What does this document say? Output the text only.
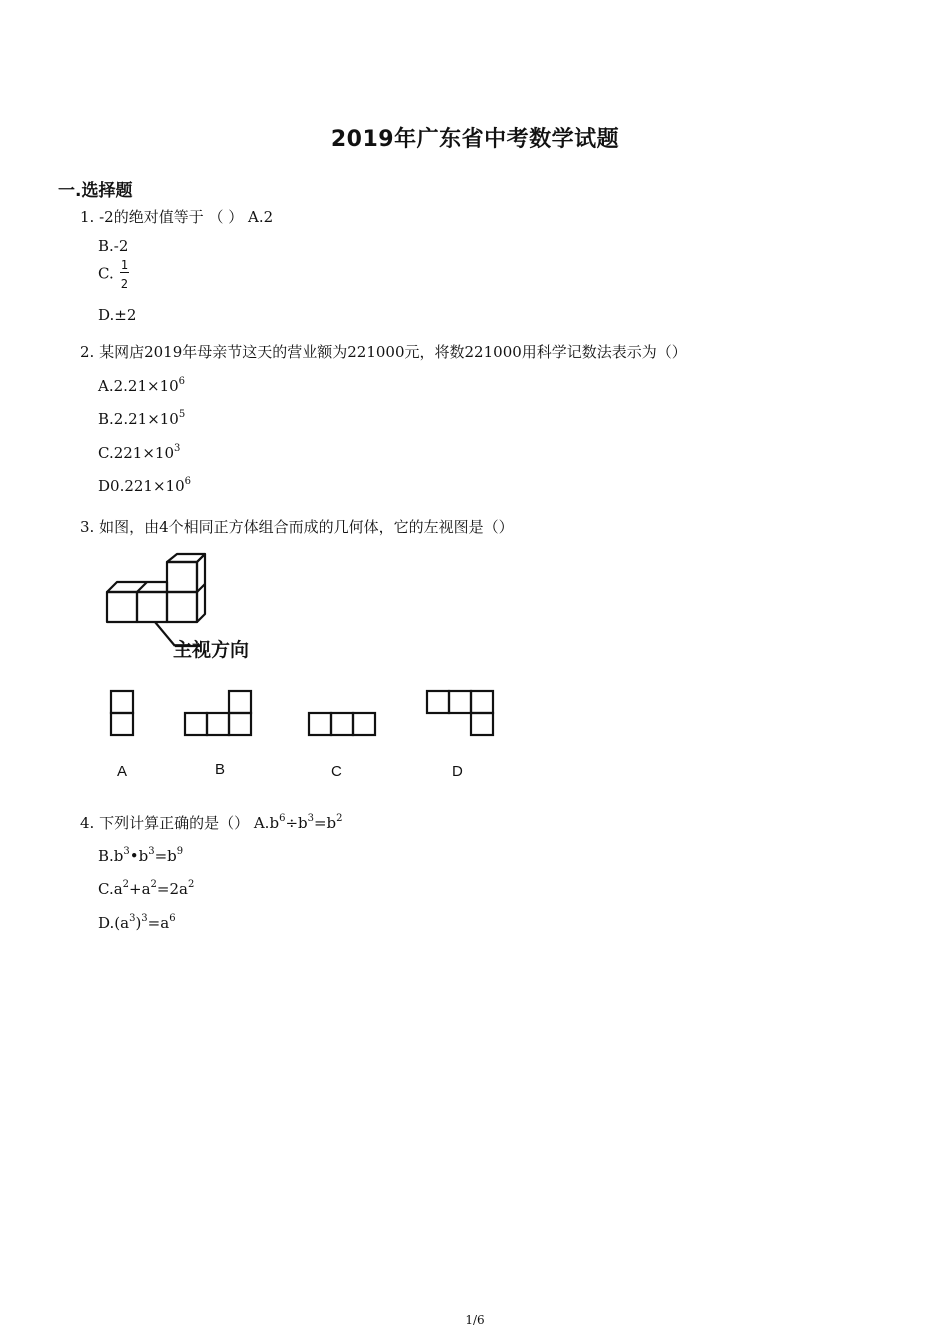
2019年广东省中考数学试题
一.选择题
1. -2的绝对值等于 （ ） A.2
B.-2
C. $\frac{1}{2}$
D.±2
2. 某网店2019年母亲节这天的营业额为221000元，将数221000用科学记数法表示为（）
$A.2.21\times 10^6$
$B.2.21\times 10^5$
$C.221\times 10^3$
$D0.221\times 10^6$
3. 如图，由4个相同正方体组合而成的几何体，它的左视图是（）
主视方向
A	B	C	D
4. 下列计算正确的是（） $A.b^6\div b^3=b^2$
$B.b^3•b^3=b^9$
$C.a^2+a^2=2a^2$
$D.(a^3)^3=a^6$
1/6
